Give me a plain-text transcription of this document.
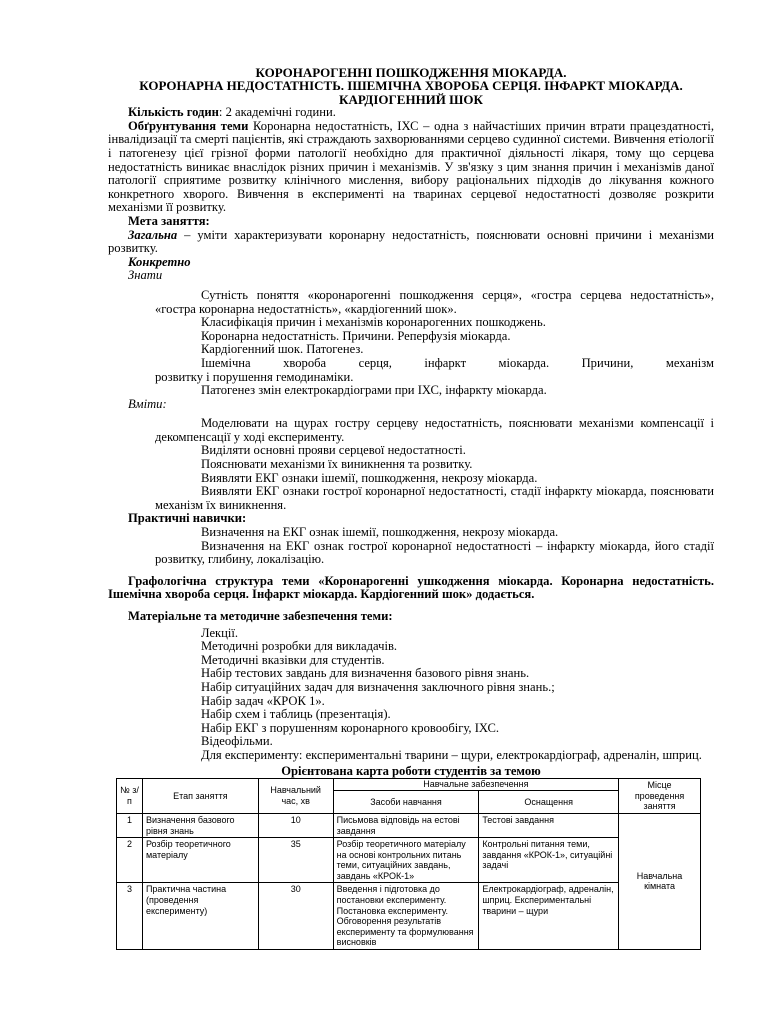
КОРОНАРОГЕННІ ПОШКОДЖЕННЯ МІОКАРДА.
КОРОНАРНА НЕДОСТАТНІСТЬ. ІШЕМІЧНА ХВОРОБА СЕРЦЯ. ІНФАРКТ МІОКАРДА.
КАРДІОГЕННИЙ ШОК

Кількість годин: 2 академічні години.

Обґрунтування теми Коронарна недостатність, ІХС – одна з найчастіших причин втрати працездатності, інвалідизації та смерті пацієнтів, які страждають захворюваннями серцево судинної системи. Вивчення етіології і патогенезу цієї грізної форми патології необхідно для практичної діяльності лікаря, тому що серцева недостатність виникає внаслідок різних причин і механізмів. У зв'язку з цим знання причин і механізмів даної патології сприятиме розвитку клінічного мислення, вибору раціональних підходів до лікування кожного конкретного хворого. Вивчення в експерименті на тваринах серцевої недостатності дозволяє розкрити механізми її розвитку.

Мета заняття:

Загальна – уміти характеризувати коронарну недостатність, пояснювати основні причини і механізми розвитку.

Конкретно

Знати

Сутність поняття «коронарогенні пошкодження серця», «гостра серцева недостатність», «гостра коронарна недостатність», «кардіогенний шок».

Класифікація причин і механізмів коронарогенних пошкоджень.

Коронарна недостатність. Причини. Реперфузія міокарда.

Кардіогенний шок. Патогенез.

Ішемічна хвороба серця, інфаркт міокарда. Причини, механізм

розвитку і порушення гемодинаміки.

Патогенез змін електрокардіограми при ІХС, інфаркту міокарда.

Вміти:

Моделювати на щурах гостру серцеву недостатність, пояснювати механізми компенсації і декомпенсації у ході експерименту.

Виділяти основні прояви серцевої недостатності.

Пояснювати механізми їх виникнення та розвитку.

Виявляти ЕКГ ознаки ішемії, пошкодження, некрозу міокарда.

Виявляти ЕКГ ознаки гострої коронарної недостатності, стадії інфаркту міокарда, пояснювати механізм їх виникнення.

Практичні навички:

Визначення на ЕКГ ознак ішемії, пошкодження, некрозу міокарда.

Визначення на ЕКГ ознак гострої коронарної недостатності – інфаркту міокарда, його стадії розвитку, глибину, локалізацію.

Графологічна структура теми «Коронарогенні ушкодження міокарда. Коронарна недостатність. Ішемічна хвороба серця. Інфаркт міокарда. Кардіогенний шок» додається.

Матеріальне та методичне забезпечення теми:

Лекції.

Методичні розробки для викладачів.

Методичні вказівки для студентів.

Набір тестових завдань для визначення базового рівня знань.

Набір ситуаційних задач для визначення заключного рівня знань.;

Набір задач «КРОК 1».

Набір схем і таблиць (презентація).

Набір ЕКГ з порушенням коронарного кровообігу, ІХС.

Відеофільми.

Для експерименту: експериментальні тварини – щури, електрокардіограф, адреналін, шприц.

Орієнтована карта роботи студентів за темою
№ з/п	Етап заняття	Навчальний час, хв	Навчальне забезпечення		Місце проведення заняття
			Засоби навчання	Оснащення	
1	Визначення базового рівня знань	10	Письмова відповідь на естові завдання	Тестові завдання	Навчальна кімната
2	Розбір теоретичного матеріалу	35	Розбір теоретичного матеріалу на основі контрольних питань теми, ситуаційних завдань, завдань «КРОК-1»	Контрольні питання теми, завдання «КРОК-1», ситуаційні задачі	
3	Практична частина (проведення експерименту)	30	Введення і підготовка до постановки експерименту. Постановка експерименту. Обговорення результатів експерименту та формулювання висновків	Електрокардіограф, адреналін, шприц. Експериментальні тварини – щури	
